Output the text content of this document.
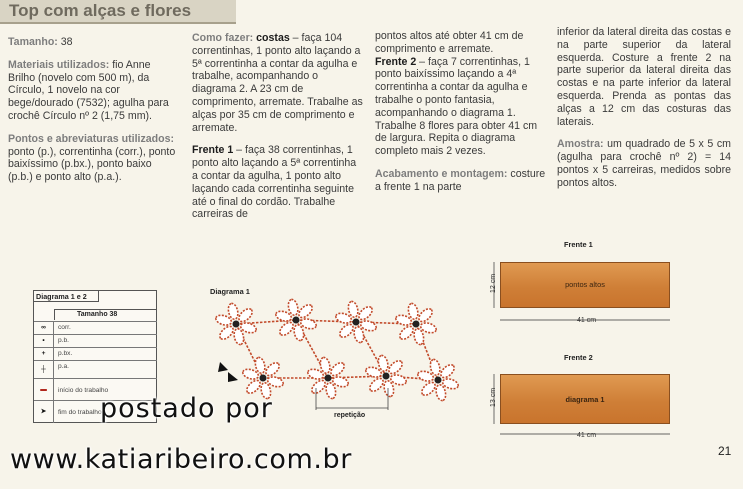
Top com alças e flores
Tamanho: 38
Materiais utilizados: fio Anne Brilho (novelo com 500 m), da Círculo, 1 novelo na cor bege/dourado (7532); agulha para crochê Círculo nº 2 (1,75 mm).
Pontos e abreviaturas utilizados: ponto (p.), correntinha (corr.), ponto baixíssimo (p.bx.), ponto baixo (p.b.) e ponto alto (p.a.).
Como fazer: costas – faça 104 correntinhas, 1 ponto alto laçando a 5ª correntinha a contar da agulha e trabalhe, acompanhando o diagrama 2. A 23 cm de comprimento, arremate. Trabalhe as alças por 35 cm de comprimento e arremate.
Frente 1 – faça 38 correntinhas, 1 ponto alto laçando a 5ª correntinha a contar da agulha, 1 ponto alto laçando cada correntinha seguinte até o final do cordão. Trabalhe carreiras de
pontos altos até obter 41 cm de comprimento e arremate.
Frente 2 – faça 7 correntinhas, 1 ponto baixíssimo laçando a 4ª correntinha a contar da agulha e trabalhe o ponto fantasia, acompanhando o diagrama 1. Trabalhe 8 flores para obter 41 cm de largura. Repita o diagrama completo mais 2 vezes.
Acabamento e montagem: costure a frente 1 na parte
inferior da lateral direita das costas e na parte superior da lateral esquerda. Costure a frente 2 na parte superior da lateral direita das costas e na parte inferior da lateral esquerda. Prenda as pontas das alças a 12 cm das costuras das laterais.
Amostra: um quadrado de 5 x 5 cm (agulha para crochê nº 2) = 14 pontos x 5 carreiras, medidos sobre pontos altos.
Diagrama 1 e 2
Tamanho 38
∞	corr.
•	p.b.
+	p.bx.
┼	p.a.
▬	início do trabalho
➤	fim do trabalho
Diagrama 1
repetição
Frente 1
pontos altos
12 cm
41 cm
Frente 2
diagrama 1
13 cm
41 cm
postado por
www.katiaribeiro.com.br	21
